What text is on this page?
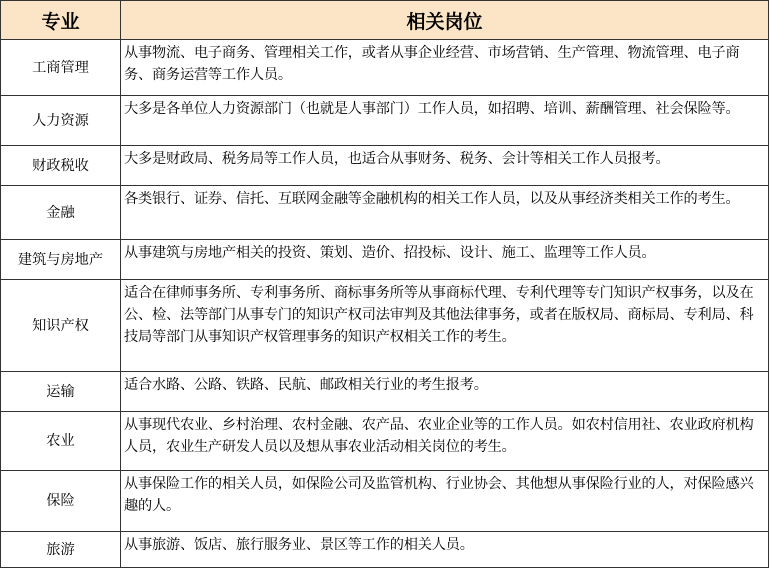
专业	相关岗位
工商管理	从事物流、电子商务、管理相关工作，或者从事企业经营、市场营销、生产管理、物流管理、电子商务、商务运营等工作人员。
人力资源	大多是各单位人力资源部门（也就是人事部门）工作人员，如招聘、培训、薪酬管理、社会保险等。
财政税收	大多是财政局、税务局等工作人员，也适合从事财务、税务、会计等相关工作人员报考。
金融	各类银行、证券、信托、互联网金融等金融机构的相关工作人员，以及从事经济类相关工作的考生。
建筑与房地产	从事建筑与房地产相关的投资、策划、造价、招投标、设计、施工、监理等工作人员。
知识产权	适合在律师事务所、专利事务所、商标事务所等从事商标代理、专利代理等专门知识产权事务，以及在公、检、法等部门从事专门的知识产权司法审判及其他法律事务，或者在版权局、商标局、专利局、科技局等部门从事知识产权管理事务的知识产权相关工作的考生。
运输	适合水路、公路、铁路、民航、邮政相关行业的考生报考。
农业	从事现代农业、乡村治理、农村金融、农产品、农业企业等的工作人员。如农村信用社、农业政府机构人员，农业生产研发人员以及想从事农业活动相关岗位的考生。
保险	从事保险工作的相关人员，如保险公司及监管机构、行业协会、其他想从事保险行业的人，对保险感兴趣的人。
旅游	从事旅游、饭店、旅行服务业、景区等工作的相关人员。
